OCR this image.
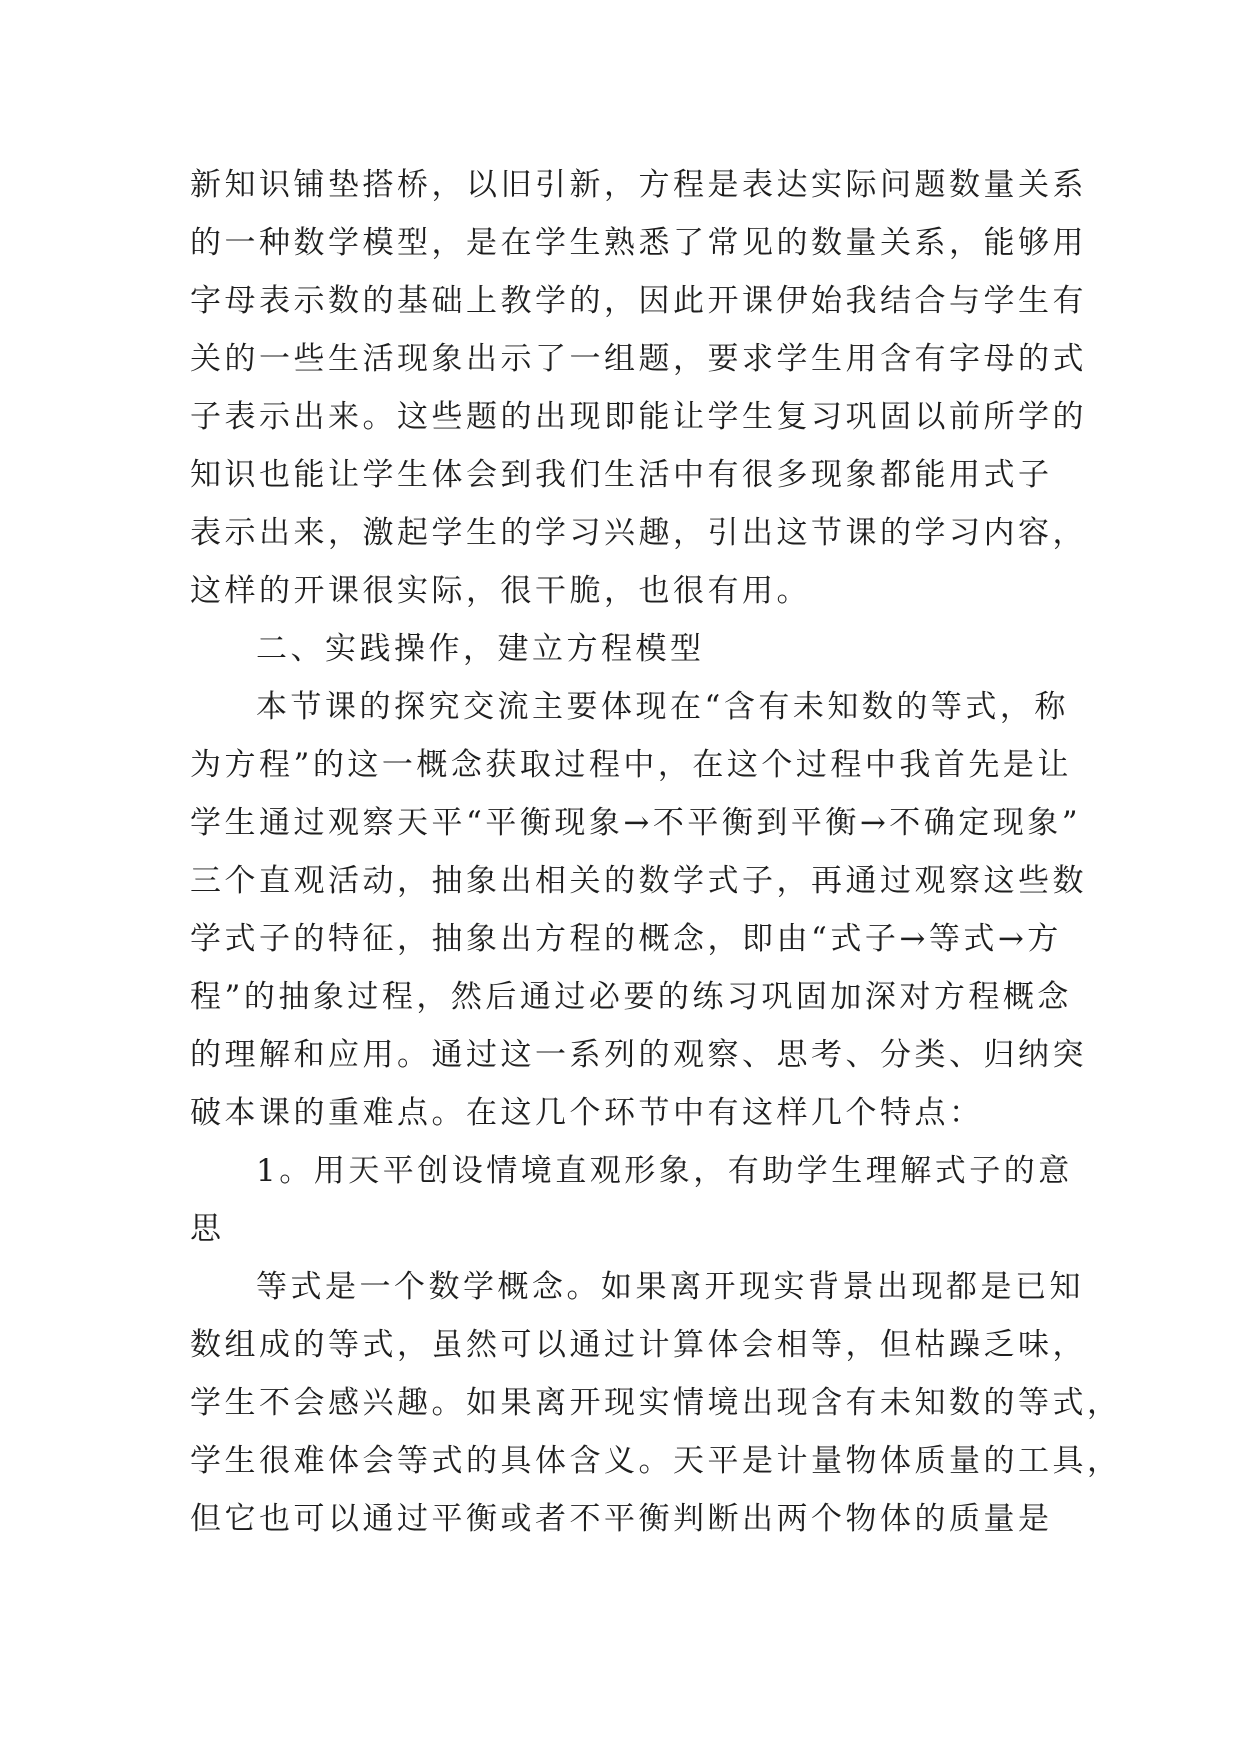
新知识铺垫搭桥，以旧引新，方程是表达实际问题数量关系
的一种数学模型，是在学生熟悉了常见的数量关系，能够用
字母表示数的基础上教学的，因此开课伊始我结合与学生有
关的一些生活现象出示了一组题，要求学生用含有字母的式
子表示出来。这些题的出现即能让学生复习巩固以前所学的
知识也能让学生体会到我们生活中有很多现象都能用式子
表示出来，激起学生的学习兴趣，引出这节课的学习内容，
这样的开课很实际，很干脆，也很有用。
二、实践操作，建立方程模型
本节课的探究交流主要体现在“含有未知数的等式，称
为方程”的这一概念获取过程中，在这个过程中我首先是让
学生通过观察天平“平衡现象→不平衡到平衡→不确定现象”
三个直观活动，抽象出相关的数学式子，再通过观察这些数
学式子的特征，抽象出方程的概念，即由“式子→等式→方
程”的抽象过程，然后通过必要的练习巩固加深对方程概念
的理解和应用。通过这一系列的观察、思考、分类、归纳突
破本课的重难点。在这几个环节中有这样几个特点：
1。用天平创设情境直观形象，有助学生理解式子的意
思
等式是一个数学概念。如果离开现实背景出现都是已知
数组成的等式，虽然可以通过计算体会相等，但枯躁乏味，
学生不会感兴趣。如果离开现实情境出现含有未知数的等式，
学生很难体会等式的具体含义。天平是计量物体质量的工具，
但它也可以通过平衡或者不平衡判断出两个物体的质量是
